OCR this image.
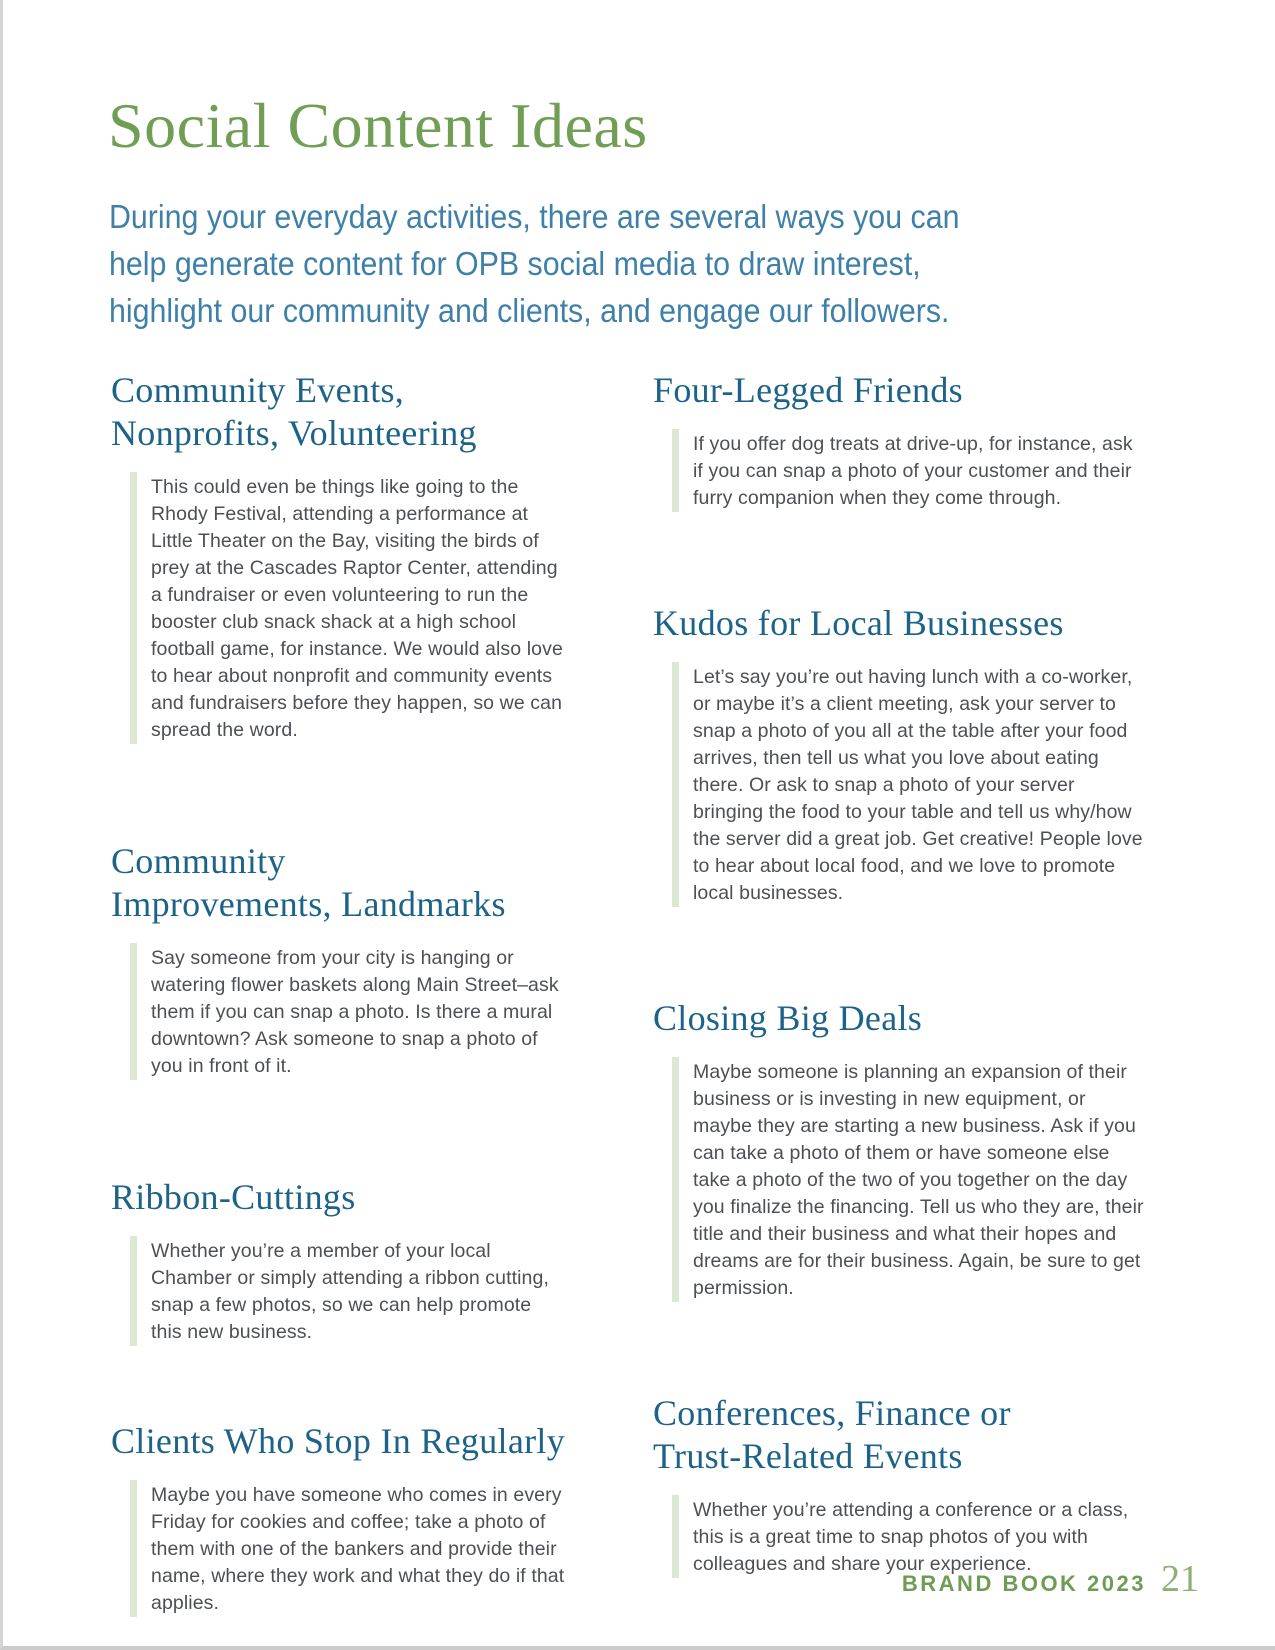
Social Content Ideas
During your everyday activities, there are several ways you can
help generate content for OPB social media to draw interest,
highlight our community and clients, and engage our followers.
Community Events,
Nonprofits, Volunteering

This could even be things like going to the Rhody Festival, attending a performance at Little Theater on the Bay, visiting the birds of prey at the Cascades Raptor Center, attending a fundraiser or even volunteering to run the booster club snack shack at a high school football game, for instance. We would also love to hear about nonprofit and community events and fundraisers before they happen, so we can spread the word.

Community
Improvements, Landmarks

Say someone from your city is hanging or watering flower baskets along Main Street–ask them if you can snap a photo. Is there a mural downtown? Ask someone to snap a photo of you in front of it.

Ribbon-Cuttings

Whether you’re a member of your local Chamber or simply attending a ribbon cutting, snap a few photos, so we can help promote this new business.

Clients Who Stop In Regularly

Maybe you have someone who comes in every Friday for cookies and coffee; take a photo of them with one of the bankers and provide their name, where they work and what they do if that applies.

Four-Legged Friends

If you offer dog treats at drive-up, for instance, ask if you can snap a photo of your customer and their furry companion when they come through.

Kudos for Local Businesses

Let’s say you’re out having lunch with a co-worker, or maybe it’s a client meeting, ask your server to snap a photo of you all at the table after your food arrives, then tell us what you love about eating there. Or ask to snap a photo of your server bringing the food to your table and tell us why/how the server did a great job. Get creative! People love to hear about local food, and we love to promote local businesses.

Closing Big Deals

Maybe someone is planning an expansion of their business or is investing in new equipment, or maybe they are starting a new business. Ask if you can take a photo of them or have someone else take a photo of the two of you together on the day you finalize the financing. Tell us who they are, their title and their business and what their hopes and dreams are for their business. Again, be sure to get permission.

Conferences, Finance or
Trust-Related Events

Whether you’re attending a conference or a class, this is a great time to snap photos of you with colleagues and share your experience.

BRAND BOOK 2023 21
